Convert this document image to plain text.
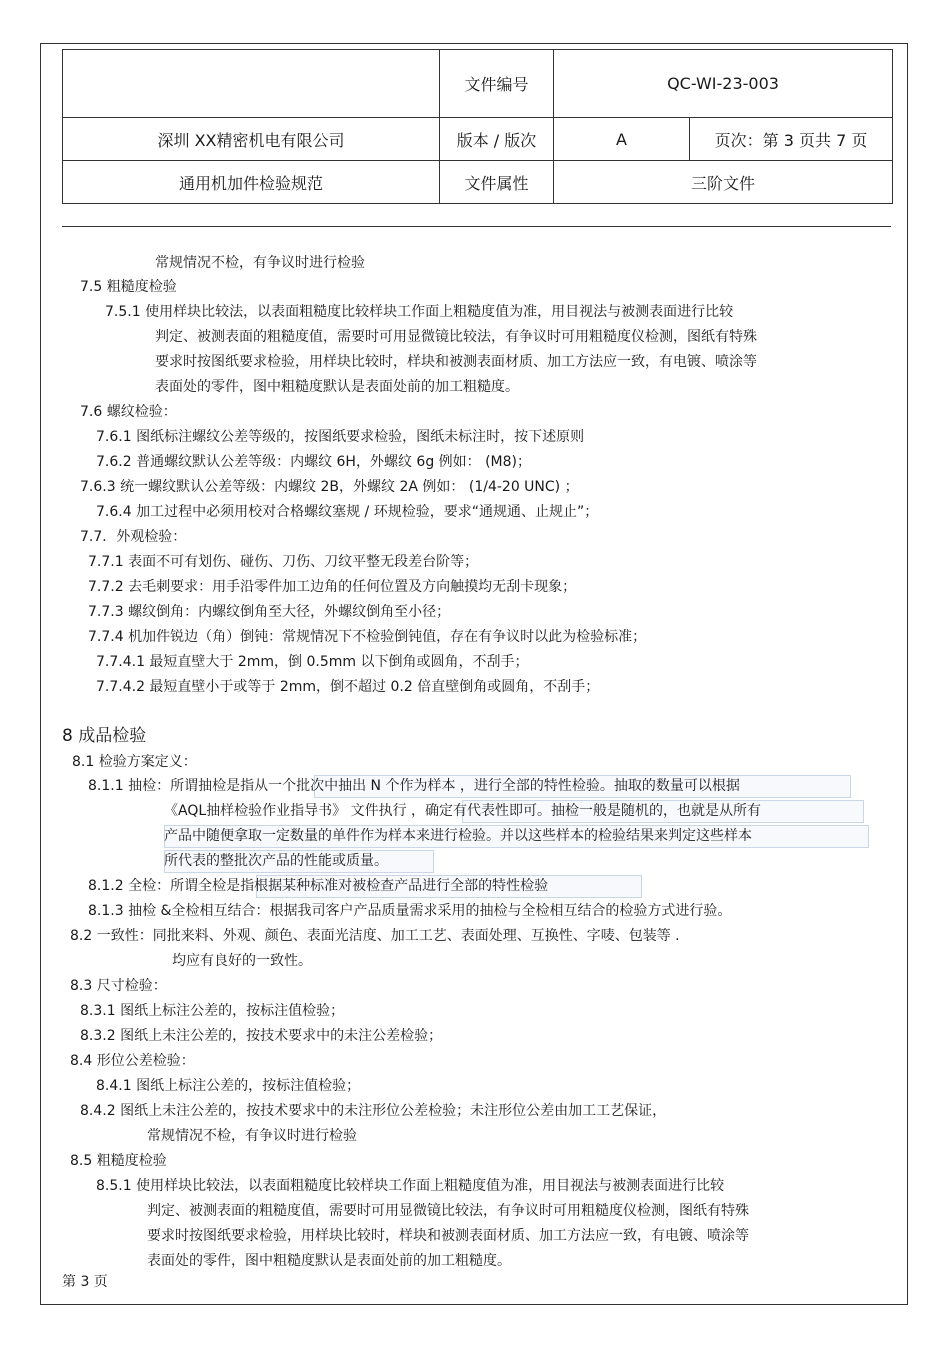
	文件编号	QC-WI-23-003	
深圳 XX精密机电有限公司	版本 / 版次	A	页次：第 3 页共 7 页
通用机加件检验规范	文件属性	三阶文件	
常规情况不检，有争议时进行检验
7.5 粗糙度检验
7.5.1 使用样块比较法，以表面粗糙度比较样块工作面上粗糙度值为准，用目视法与被测表面进行比较
判定、被测表面的粗糙度值，需要时可用显微镜比较法，有争议时可用粗糙度仪检测，图纸有特殊
要求时按图纸要求检验，用样块比较时，样块和被测表面材质、加工方法应一致，有电镀、喷涂等
表面处的零件，图中粗糙度默认是表面处前的加工粗糙度。
7.6 螺纹检验：
7.6.1 图纸标注螺纹公差等级的，按图纸要求检验，图纸未标注时，按下述原则
7.6.2 普通螺纹默认公差等级：内螺纹 6H，外螺纹 6g 例如： (M8)；
7.6.3 统一螺纹默认公差等级：内螺纹 2B，外螺纹 2A 例如： (1/4-20 UNC) ；
7.6.4 加工过程中必须用校对合格螺纹塞规 / 环规检验，要求“通规通、止规止”；
7.7．外观检验：
7.7.1 表面不可有划伤、碰伤、刀伤、刀纹平整无段差台阶等；
7.7.2 去毛刺要求：用手沿零件加工边角的任何位置及方向触摸均无刮卡现象；
7.7.3 螺纹倒角：内螺纹倒角至大径，外螺纹倒角至小径；
7.7.4 机加件锐边（角）倒钝：常规情况下不检验倒钝值，存在有争议时以此为检验标准；
7.7.4.1 最短直壁大于 2mm，倒 0.5mm 以下倒角或圆角，不刮手；
7.7.4.2 最短直壁小于或等于 2mm，倒不超过 0.2 倍直壁倒角或圆角，不刮手；
8 成品检验
8.1 检验方案定义：
8.1.1 抽检：所谓抽检是指从一个批次中抽出 N 个作为样本 ，进行全部的特性检验。抽取的数量可以根据
《AQL抽样检验作业指导书》 文件执行 ，确定有代表性即可。抽检一般是随机的，也就是从所有
产品中随便拿取一定数量的单件作为样本来进行检验。并以这些样本的检验结果来判定这些样本
所代表的整批次产品的性能或质量。
8.1.2 全检：所谓全检是指根据某种标准对被检查产品进行全部的特性检验
8.1.3 抽检 &全检相互结合：根据我司客户产品质量需求采用的抽检与全检相互结合的检验方式进行验。
8.2 一致性：同批来料、外观、颜色、表面光洁度、加工工艺、表面处理、互换性、字唛、包装等 .
均应有良好的一致性。
8.3 尺寸检验：
8.3.1 图纸上标注公差的，按标注值检验；
8.3.2 图纸上未注公差的，按技术要求中的未注公差检验；
8.4 形位公差检验：
8.4.1 图纸上标注公差的，按标注值检验；
8.4.2 图纸上未注公差的，按技术要求中的未注形位公差检验；未注形位公差由加工工艺保证，
常规情况不检，有争议时进行检验
8.5 粗糙度检验
8.5.1 使用样块比较法，以表面粗糙度比较样块工作面上粗糙度值为准，用目视法与被测表面进行比较
判定、被测表面的粗糙度值，需要时可用显微镜比较法，有争议时可用粗糙度仪检测，图纸有特殊
要求时按图纸要求检验，用样块比较时，样块和被测表面材质、加工方法应一致，有电镀、喷涂等
表面处的零件，图中粗糙度默认是表面处前的加工粗糙度。
第 3 页
